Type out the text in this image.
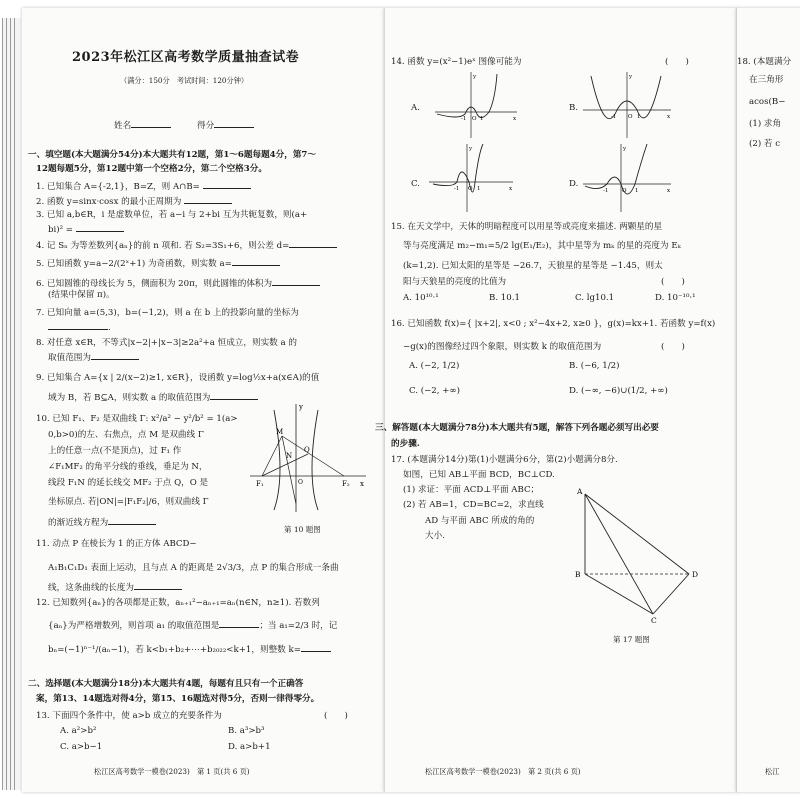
2023年松江区高考数学质量抽查试卷
（满分：150分　考试时间：120分钟）
姓名	得分
一、填空题(本大题满分54分)本大题共有12题，第1～6题每题4分，第7～
12题每题5分，第12题中第一个空格2分，第二个空格3分。
1. 已知集合 A={-2,1}，B=Z，则 A∩B=
2. 函数 y=sinx·cosx 的最小正周期为
3. 已知 a,b∈R，i 是虚数单位，若 a−i 与 2+bi 互为共轭复数，则(a+
bi)² =
4. 记 Sₙ 为等差数列{aₙ}的前 n 项和. 若 S₂=3S₁+6，则公差 d=
5. 已知函数 y=a−2/(2ˣ+1) 为奇函数，则实数 a=
6. 已知圆锥的母线长为 5，侧面积为 20π，则此圆锥的体积为
(结果中保留 π)。
7. 已知向量 a=(5,3)，b=(−1,2)，则 a 在 b 上的投影向量的坐标为
.
8. 对任意 x∈R，不等式|x−2|+|x−3|≥2a²+a 恒成立，则实数 a 的
取值范围为
9. 已知集合 A={x | 2/(x−2)≥1, x∈R}，设函数 y=log½x+a(x∈A)的值
域为 B，若 B⊆A，则实数 a 的取值范围为
10. 已知 F₁、F₂ 是双曲线 Γ: x²/a² − y²/b² = 1(a>
0,b>0)的左、右焦点，点 M 是双曲线 Γ
上的任意一点(不是顶点)，过 F₁ 作
∠F₁MF₂ 的角平分线的垂线，垂足为 N，
线段 F₁N 的延长线交 MF₂ 于点 Q，O 是
坐标原点. 若|ON|=|F₁F₂|/6，则双曲线 Γ
的渐近线方程为
F₁	F₂
M
N
Q
x
y
O
第 10 题图
11. 动点 P 在棱长为 1 的正方体 ABCD−
A₁B₁C₁D₁ 表面上运动，且与点 A 的距离是 2√3/3，点 P 的集合形成一条曲
线，这条曲线的长度为
12. 已知数列{aₙ}的各项都是正数，aₙ₊₁²−aₙ₊₁=aₙ(n∈N，n≥1). 若数列
{aₙ}为严格增数列，则首项 a₁ 的取值范围是	；当 a₁=2/3 时，记
bₙ=(−1)ⁿ⁻¹/(aₙ−1)，若 k<b₁+b₂+⋯+b₂₀₂₂<k+1，则整数 k=
二、选择题(本大题满分18分)本大题共有4题，每题有且只有一个正确答
案，第13、14题选对得4分，第15、16题选对得5分，否则一律得零分。
13. 下面四个条件中，使 a>b 成立的充要条件为	(　　)
A. a²>b²	B. a³>b³
C. a>b−1	D. a>b+1
松江区高考数学一模卷(2023)　第 1 页(共 6 页)
14. 函数 y=(x²−1)eˣ 图像可能为	(　　)
A.
-1 O 1	x
y
B.
-1 O 1	x
y
C.	-1 O 1	x
y
D.
-1 O 1	x
y
15. 在天文学中，天体的明暗程度可以用星等或亮度来描述. 两颗星的星
等与亮度满足 m₂−m₁=5/2 lg(E₁/E₂)，其中星等为 mₖ 的星的亮度为 Eₖ
(k=1,2). 已知太阳的星等是 −26.7，天狼星的星等是 −1.45，则太
阳与天狼星的亮度的比值为	(　　)
A. 10¹⁰·¹	B. 10.1	C. lg10.1	D. 10⁻¹⁰·¹
16. 已知函数 f(x)={ |x+2|, x<0 ; x²−4x+2, x≥0 }，g(x)=kx+1. 若函数 y=f(x)
−g(x)的图像经过四个象限，则实数 k 的取值范围为	(　　)
A. (−2, 1/2)	B. (−6, 1/2)
C. (−2, +∞)	D. (−∞, −6)∪(1/2, +∞)
三、解答题(本大题满分78分)本大题共有5题，解答下列各题必须写出必要
的步骤.
17. (本题满分14分)第(1)小题满分6分，第(2)小题满分8分.
如图，已知 AB⊥平面 BCD，BC⊥CD.
(1) 求证：平面 ACD⊥平面 ABC；
(2) 若 AB=1，CD=BC=2，求直线
AD 与平面 ABC 所成的角的
大小.
A
B
C
D
第 17 题图
松江区高考数学一模卷(2023)　第 2 页(共 6 页)
18. (本题满分
在三角形
acos(B−
(1) 求角
(2) 若 c
松江
